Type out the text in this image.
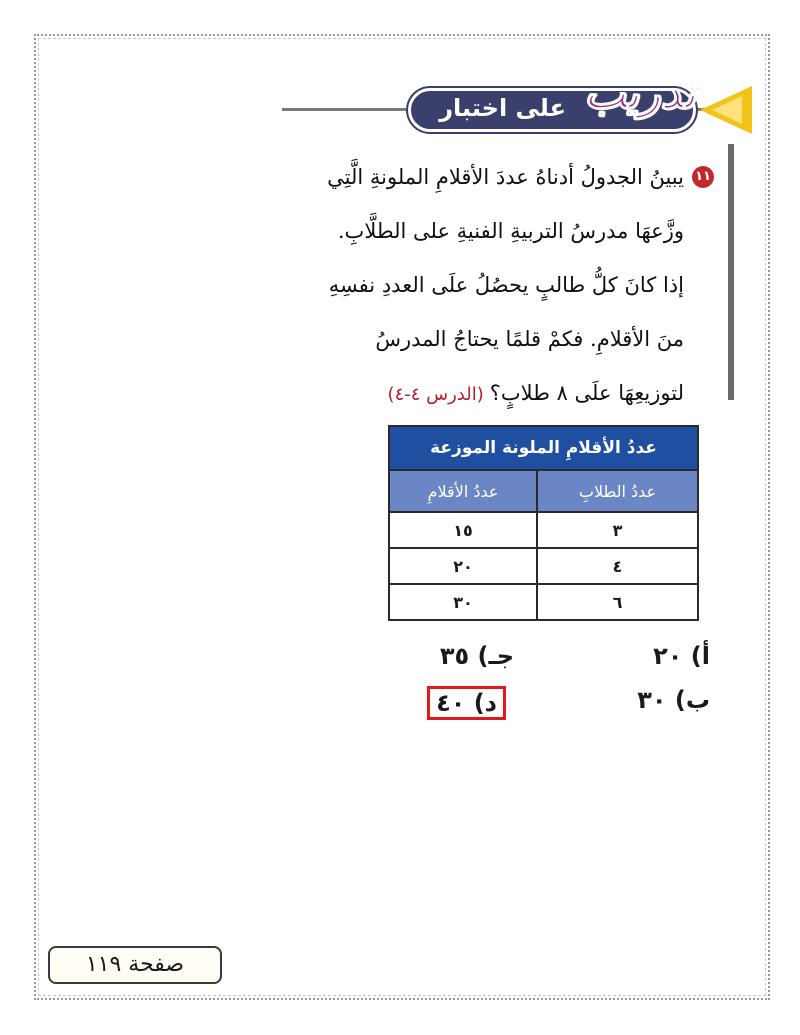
تدريب
على اختبار
١١
يبينُ الجدولُ أدناهُ عددَ الأقلامِ الملونةِ الَّتِي
وزَّعهَا مدرسُ التربيةِ الفنيةِ على الطلَّابِ.
إذا كانَ كلُّ طالبٍ يحصُلُ علَى العددِ نفسِهِ
منَ الأقلامِ. فكمْ قلمًا يحتاجُ المدرسُ
لتوزيعِهَا علَى ٨ طلابٍ؟(الدرس ٤-٤)
عددُ الأقلامِ الملونة الموزعة	
عددُ الطلابِ	عددُ الأقلامِ
٣	١٥
٤	٢٠
٦	٣٠
أ) ٢٠
ب) ٣٠
جـ) ٣٥
د) ٤٠
صفحة ١١٩
